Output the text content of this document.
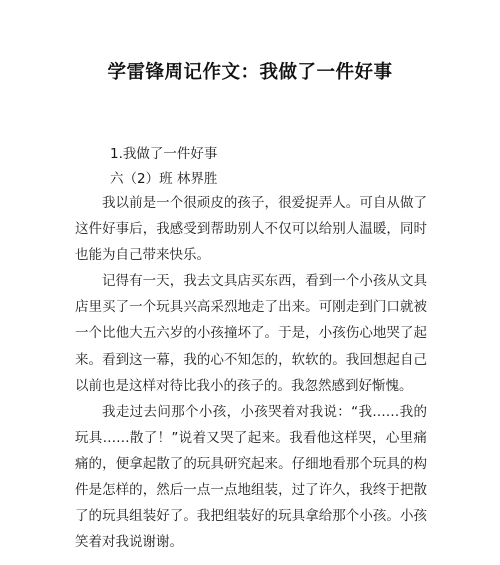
学雷锋周记作文：我做了一件好事
1.我做了一件好事
六（2）班 林界胜

我以前是一个很顽皮的孩子，很爱捉弄人。可自从做了这件好事后，我感受到帮助别人不仅可以给别人温暖，同时也能为自己带来快乐。

记得有一天，我去文具店买东西，看到一个小孩从文具店里买了一个玩具兴高采烈地走了出来。可刚走到门口就被一个比他大五六岁的小孩撞坏了。于是，小孩伤心地哭了起来。看到这一幕，我的心不知怎的，软软的。我回想起自己以前也是这样对待比我小的孩子的。我忽然感到好惭愧。

我走过去问那个小孩，小孩哭着对我说：“我……我的玩具……散了！”说着又哭了起来。我看他这样哭，心里痛痛的，便拿起散了的玩具研究起来。仔细地看那个玩具的构件是怎样的，然后一点一点地组装，过了许久，我终于把散了的玩具组装好了。我把组装好的玩具拿给那个小孩。小孩笑着对我说谢谢。
